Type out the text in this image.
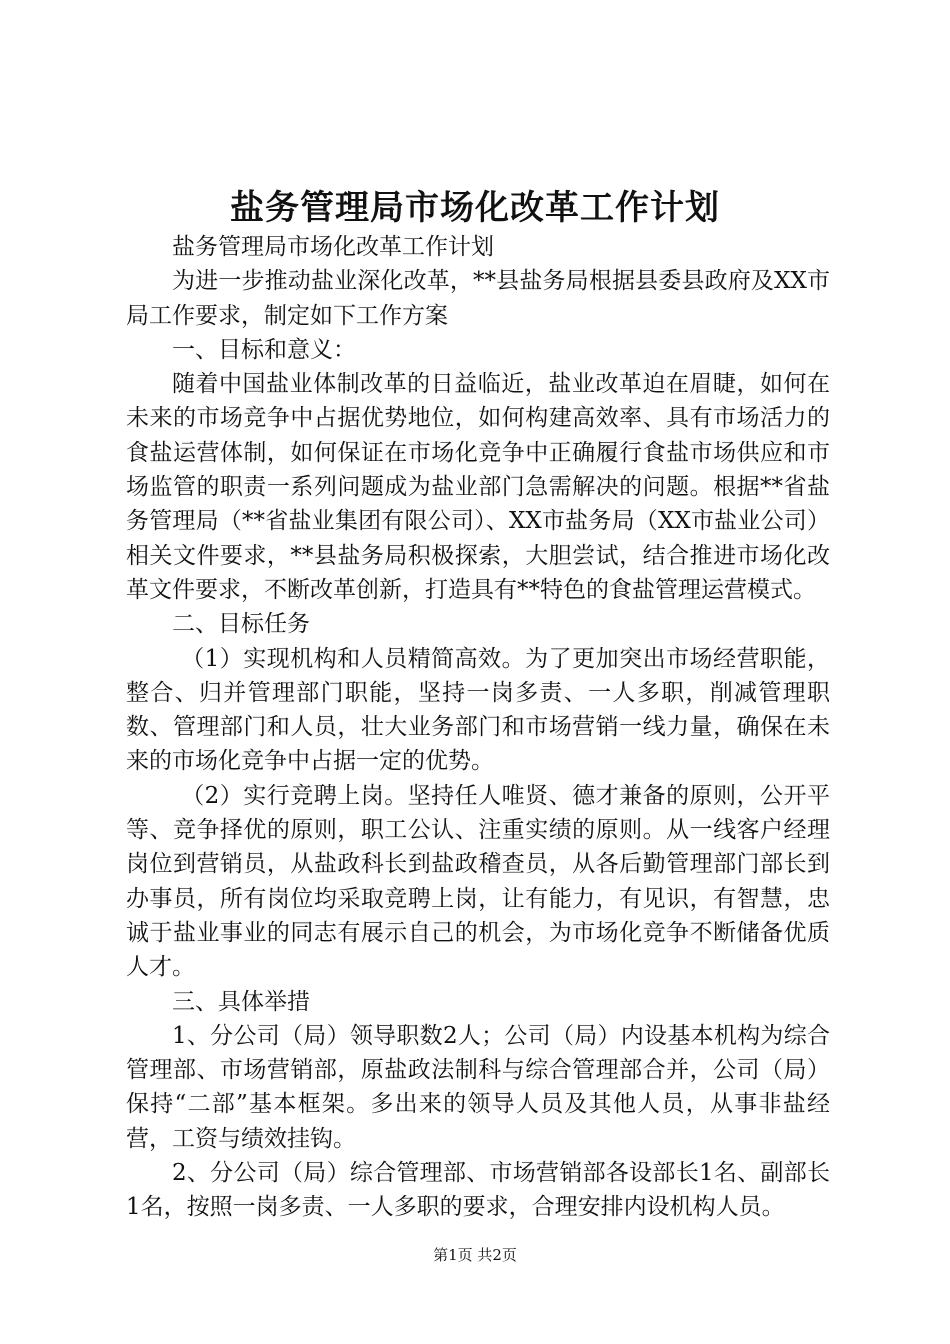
盐务管理局市场化改革工作计划

盐务管理局市场化改革工作计划

为进一步推动盐业深化改革，**县盐务局根据县委县政府及XX市局工作要求，制定如下工作方案

一、目标和意义：

随着中国盐业体制改革的日益临近，盐业改革迫在眉睫，如何在未来的市场竞争中占据优势地位，如何构建高效率、具有市场活力的食盐运营体制，如何保证在市场化竞争中正确履行食盐市场供应和市场监管的职责一系列问题成为盐业部门急需解决的问题。根据**省盐务管理局（**省盐业集团有限公司）、XX市盐务局（XX市盐业公司）相关文件要求，**县盐务局积极探索，大胆尝试，结合推进市场化改革文件要求，不断改革创新，打造具有**特色的食盐管理运营模式。

二、目标任务

（1）实现机构和人员精简高效。为了更加突出市场经营职能，整合、归并管理部门职能，坚持一岗多责、一人多职，削减管理职数、管理部门和人员，壮大业务部门和市场营销一线力量，确保在未来的市场化竞争中占据一定的优势。

（2）实行竞聘上岗。坚持任人唯贤、德才兼备的原则，公开平等、竞争择优的原则，职工公认、注重实绩的原则。从一线客户经理岗位到营销员，从盐政科长到盐政稽查员，从各后勤管理部门部长到办事员，所有岗位均采取竞聘上岗，让有能力，有见识，有智慧，忠诚于盐业事业的同志有展示自己的机会，为市场化竞争不断储备优质人才。

三、具体举措

1、分公司（局）领导职数2人；公司（局）内设基本机构为综合管理部、市场营销部，原盐政法制科与综合管理部合并，公司（局）保持“二部”基本框架。多出来的领导人员及其他人员，从事非盐经营，工资与绩效挂钩。

2、分公司（局）综合管理部、市场营销部各设部长1名、副部长1名，按照一岗多责、一人多职的要求，合理安排内设机构人员。

第1页 共2页
